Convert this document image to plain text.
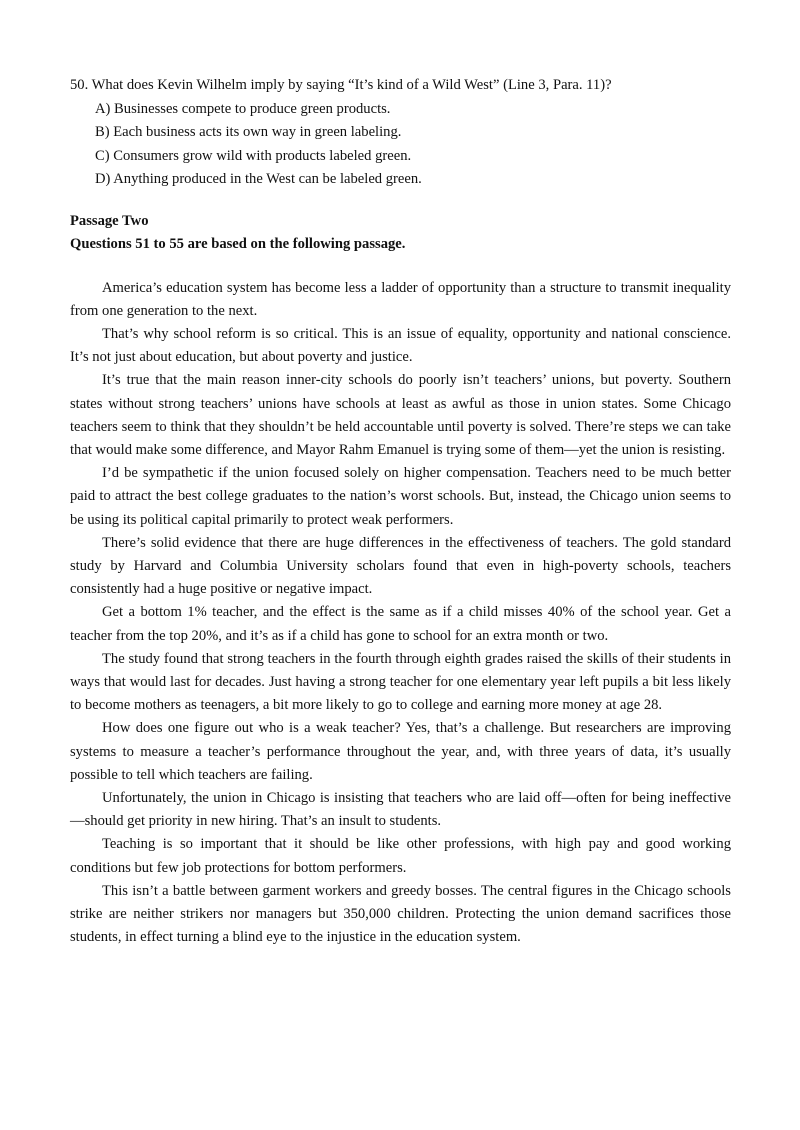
50. What does Kevin Wilhelm imply by saying “It’s kind of a Wild West” (Line 3, Para. 11)?

A) Businesses compete to produce green products.
B) Each business acts its own way in green labeling.
C) Consumers grow wild with products labeled green.
D) Anything produced in the West can be labeled green.

Passage Two

Questions 51 to 55 are based on the following passage.

America’s education system has become less a ladder of opportunity than a structure to transmit inequality from one generation to the next.

That’s why school reform is so critical. This is an issue of equality, opportunity and national conscience. It’s not just about education, but about poverty and justice.

It’s true that the main reason inner-city schools do poorly isn’t teachers’ unions, but poverty. Southern states without strong teachers’ unions have schools at least as awful as those in union states. Some Chicago teachers seem to think that they shouldn’t be held accountable until poverty is solved. There’re steps we can take that would make some difference, and Mayor Rahm Emanuel is trying some of them—yet the union is resisting.

I’d be sympathetic if the union focused solely on higher compensation. Teachers need to be much better paid to attract the best college graduates to the nation’s worst schools. But, instead, the Chicago union seems to be using its political capital primarily to protect weak performers.

There’s solid evidence that there are huge differences in the effectiveness of teachers. The gold standard study by Harvard and Columbia University scholars found that even in high-poverty schools, teachers consistently had a huge positive or negative impact.

Get a bottom 1% teacher, and the effect is the same as if a child misses 40% of the school year. Get a teacher from the top 20%, and it’s as if a child has gone to school for an extra month or two.

The study found that strong teachers in the fourth through eighth grades raised the skills of their students in ways that would last for decades. Just having a strong teacher for one elementary year left pupils a bit less likely to become mothers as teenagers, a bit more likely to go to college and earning more money at age 28.

How does one figure out who is a weak teacher? Yes, that’s a challenge. But researchers are improving systems to measure a teacher’s performance throughout the year, and, with three years of data, it’s usually possible to tell which teachers are failing.

Unfortunately, the union in Chicago is insisting that teachers who are laid off—often for being ineffective—should get priority in new hiring. That’s an insult to students.

Teaching is so important that it should be like other professions, with high pay and good working conditions but few job protections for bottom performers.

This isn’t a battle between garment workers and greedy bosses. The central figures in the Chicago schools strike are neither strikers nor managers but 350,000 children. Protecting the union demand sacrifices those students, in effect turning a blind eye to the injustice in the education system.
